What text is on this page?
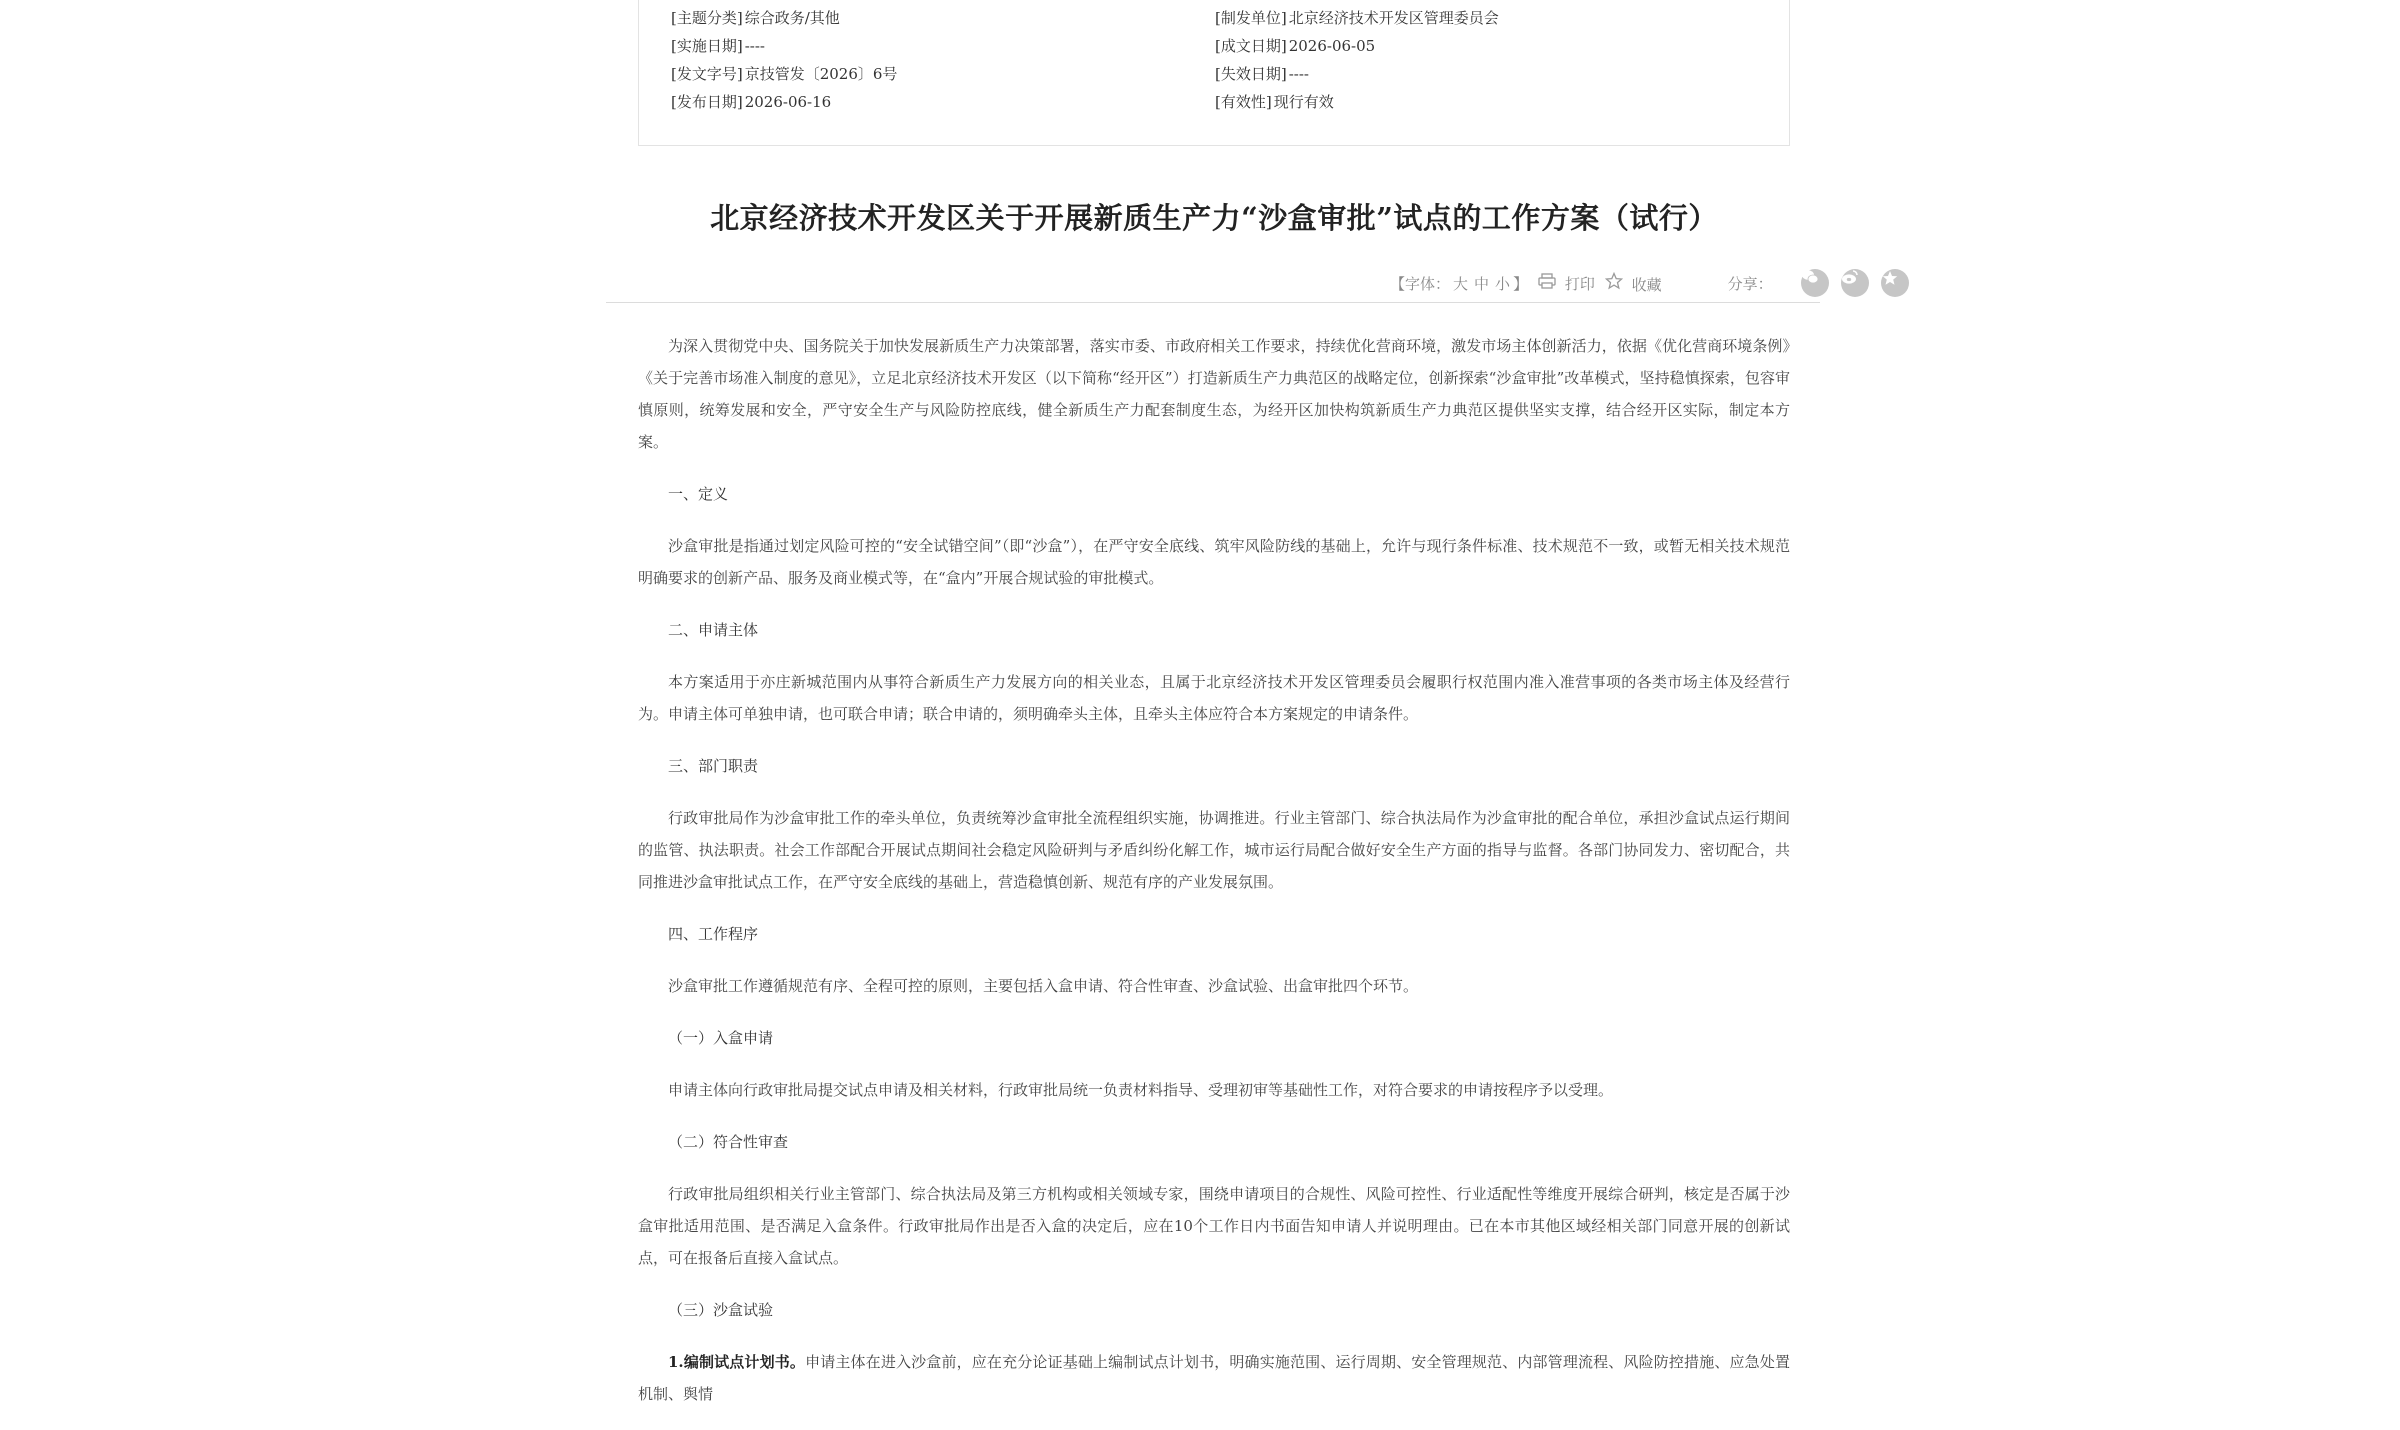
[主题分类] 综合政务/其他	[制发单位] 北京经济技术开发区管理委员会
[实施日期] ----	[成文日期] 2026-06-05
[发文字号] 京技管发〔2026〕6号	[失效日期] ----
[发布日期] 2026-06-16	[有效性] 现行有效
北京经济技术开发区关于开展新质生产力“沙盒审批”试点的工作方案（试行）
【字体： 大 中 小 】	打印	收藏	分享：

为深入贯彻党中央、国务院关于加快发展新质生产力决策部署，落实市委、市政府相关工作要求，持续优化营商环境，激发市场主体创新活力，依据《优化营商环境条例》《关于完善市场准入制度的意见》，立足北京经济技术开发区（以下简称“经开区”）打造新质生产力典范区的战略定位，创新探索“沙盒审批”改革模式，坚持稳慎探索，包容审慎原则，统筹发展和安全，严守安全生产与风险防控底线，健全新质生产力配套制度生态，为经开区加快构筑新质生产力典范区提供坚实支撑，结合经开区实际，制定本方案。

一、定义

沙盒审批是指通过划定风险可控的“安全试错空间”（即“沙盒”），在严守安全底线、筑牢风险防线的基础上，允许与现行条件标准、技术规范不一致，或暂无相关技术规范明确要求的创新产品、服务及商业模式等，在“盒内”开展合规试验的审批模式。

二、申请主体

本方案适用于亦庄新城范围内从事符合新质生产力发展方向的相关业态，且属于北京经济技术开发区管理委员会履职行权范围内准入准营事项的各类市场主体及经营行为。申请主体可单独申请，也可联合申请；联合申请的，须明确牵头主体，且牵头主体应符合本方案规定的申请条件。

三、部门职责

行政审批局作为沙盒审批工作的牵头单位，负责统筹沙盒审批全流程组织实施，协调推进。行业主管部门、综合执法局作为沙盒审批的配合单位，承担沙盒试点运行期间的监管、执法职责。社会工作部配合开展试点期间社会稳定风险研判与矛盾纠纷化解工作，城市运行局配合做好安全生产方面的指导与监督。各部门协同发力、密切配合，共同推进沙盒审批试点工作，在严守安全底线的基础上，营造稳慎创新、规范有序的产业发展氛围。

四、工作程序

沙盒审批工作遵循规范有序、全程可控的原则，主要包括入盒申请、符合性审查、沙盒试验、出盒审批四个环节。

（一）入盒申请

申请主体向行政审批局提交试点申请及相关材料，行政审批局统一负责材料指导、受理初审等基础性工作，对符合要求的申请按程序予以受理。

（二）符合性审查

行政审批局组织相关行业主管部门、综合执法局及第三方机构或相关领域专家，围绕申请项目的合规性、风险可控性、行业适配性等维度开展综合研判，核定是否属于沙盒审批适用范围、是否满足入盒条件。行政审批局作出是否入盒的决定后，应在10个工作日内书面告知申请人并说明理由。已在本市其他区域经相关部门同意开展的创新试点，可在报备后直接入盒试点。

（三）沙盒试验

1.编制试点计划书。申请主体在进入沙盒前，应在充分论证基础上编制试点计划书，明确实施范围、运行周期、安全管理规范、内部管理流程、风险防控措施、应急处置机制、舆情
